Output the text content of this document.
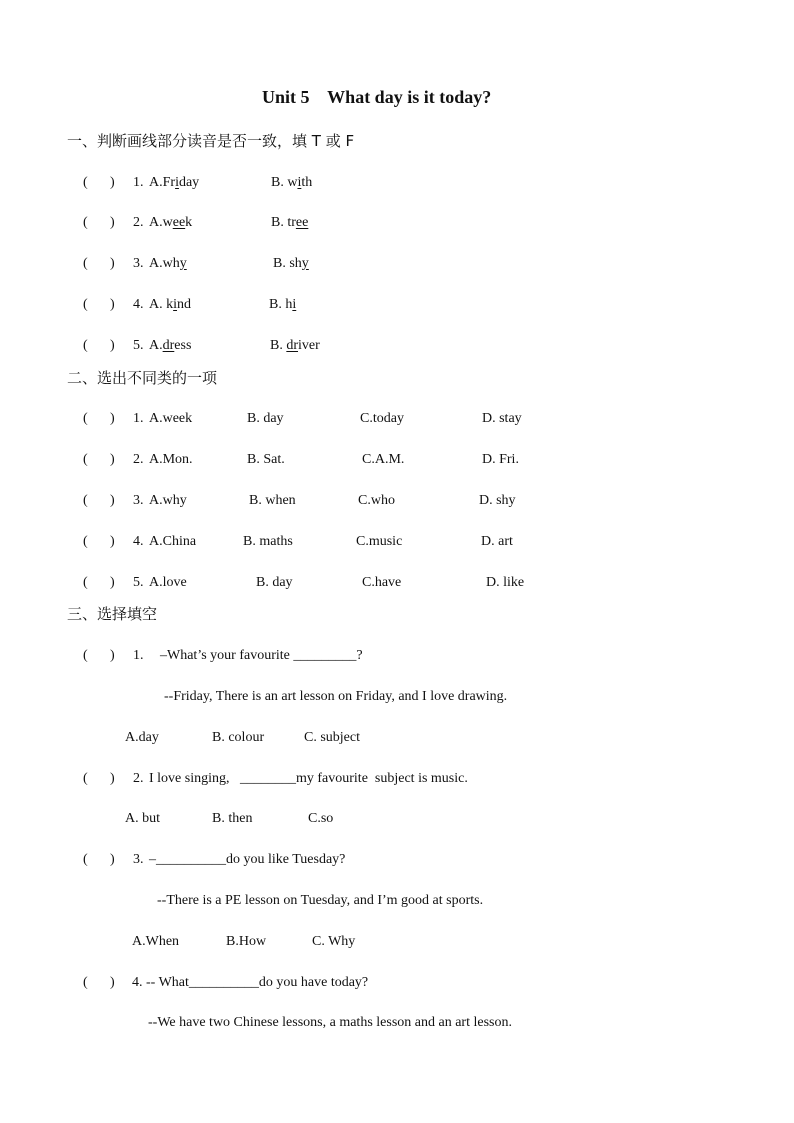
Unit 5    What day is it today?
一、判断画线部分读音是否一致，填 T 或 F
( ) 1. A.Friday	B. with
( ) 2. A.week	B. tree
( ) 3. A.why	B. shy
( ) 4. A. kind	B. hi
( ) 5. A.dress	B. driver
二、选出不同类的一项
( ) 1. A.week	B. day	C.today	D. stay
( ) 2. A.Mon.	B. Sat.	C.A.M.	D. Fri.
( ) 3. A.why	B. when	C.who	D. shy
( ) 4. A.China	B. maths	C.music	D. art
( ) 5. A.love	B. day	C.have	D. like
三、选择填空
( ) 1. –What’s your favourite _________?
--Friday, There is an art lesson on Friday, and I love drawing.
A.day	B. colour	C. subject
( ) 2. I love singing,   ________my favourite  subject is music.
A. but	B. then	C.so
( ) 3. –__________do you like Tuesday?
--There is a PE lesson on Tuesday, and I’m good at sports.
A.When	B.How	C. Why
( ) 4. -- What__________do you have today?
--We have two Chinese lessons, a maths lesson and an art lesson.
